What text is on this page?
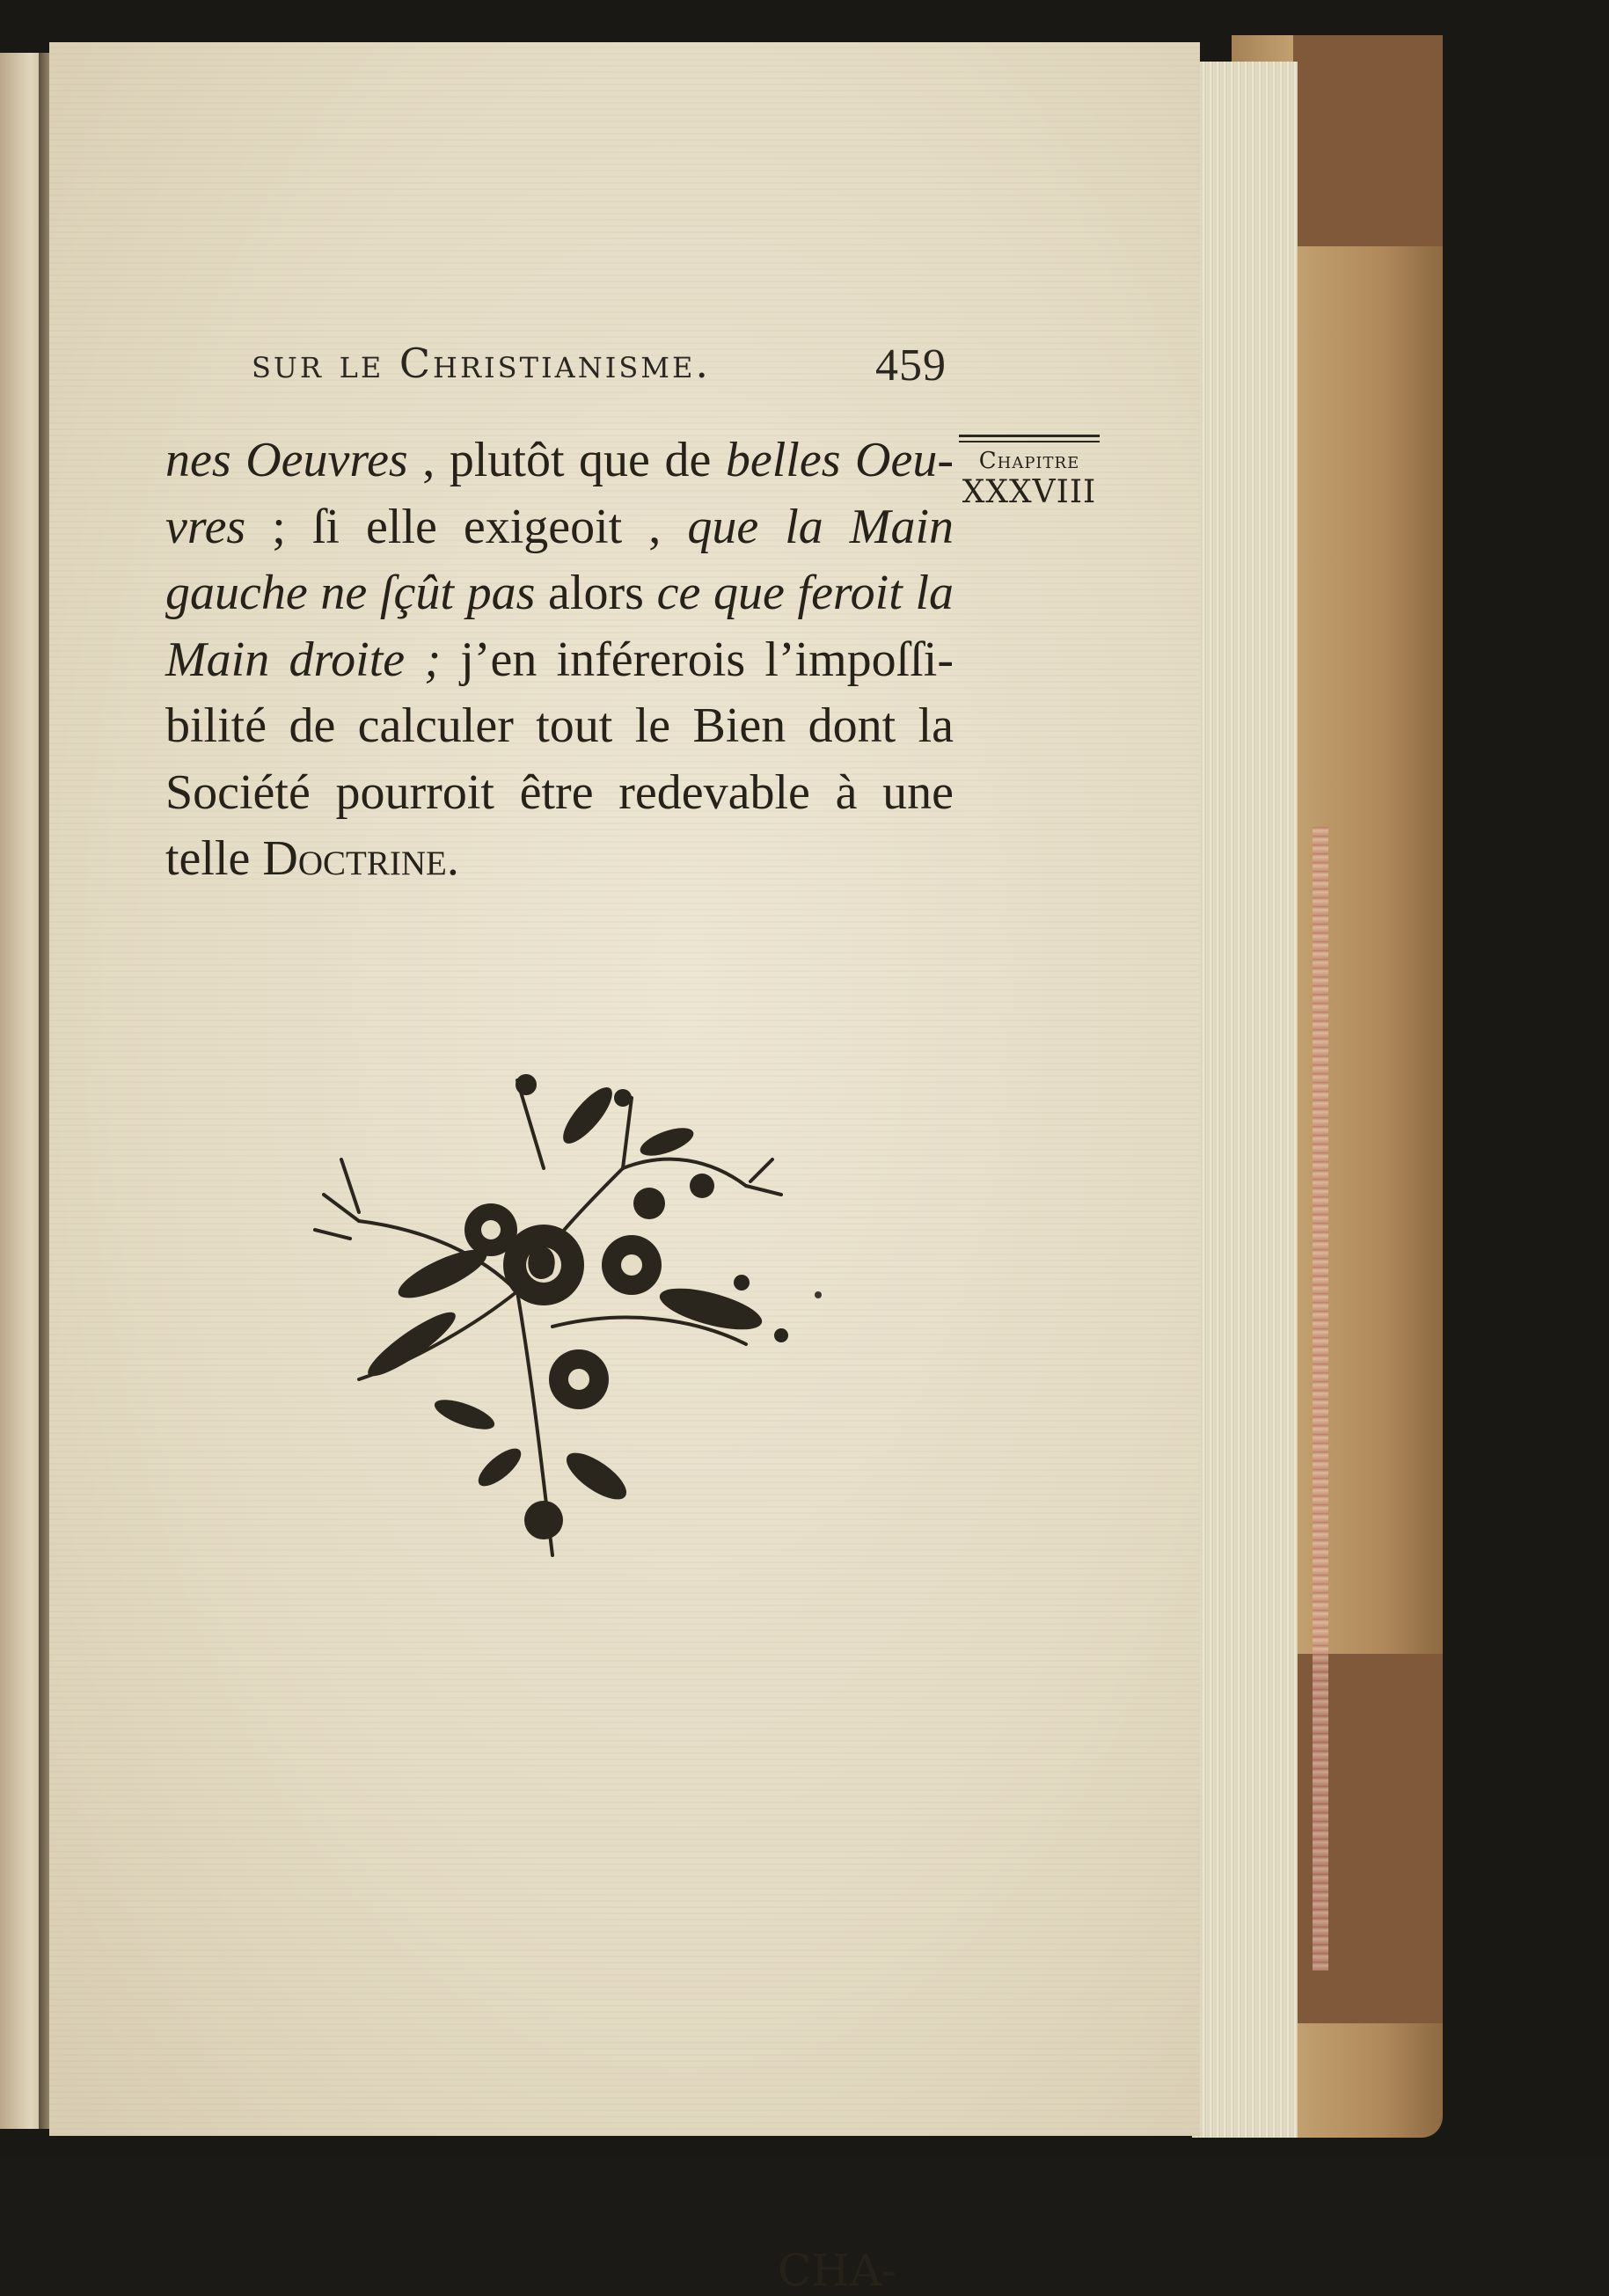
sur le Christianisme.	459
nes Oeuvres , plutôt que de belles Oeu-
vres ; ſi elle exigeoit , que la Main
gauche ne ſçût pas alors ce que feroit la
Main droite ; j’en inférerois l’impoſſi-
bilité de calculer tout le Bien dont la
Société pourroit être redevable à une
telle Doctrine.
Chapitre
XXXVIII
CHA-
